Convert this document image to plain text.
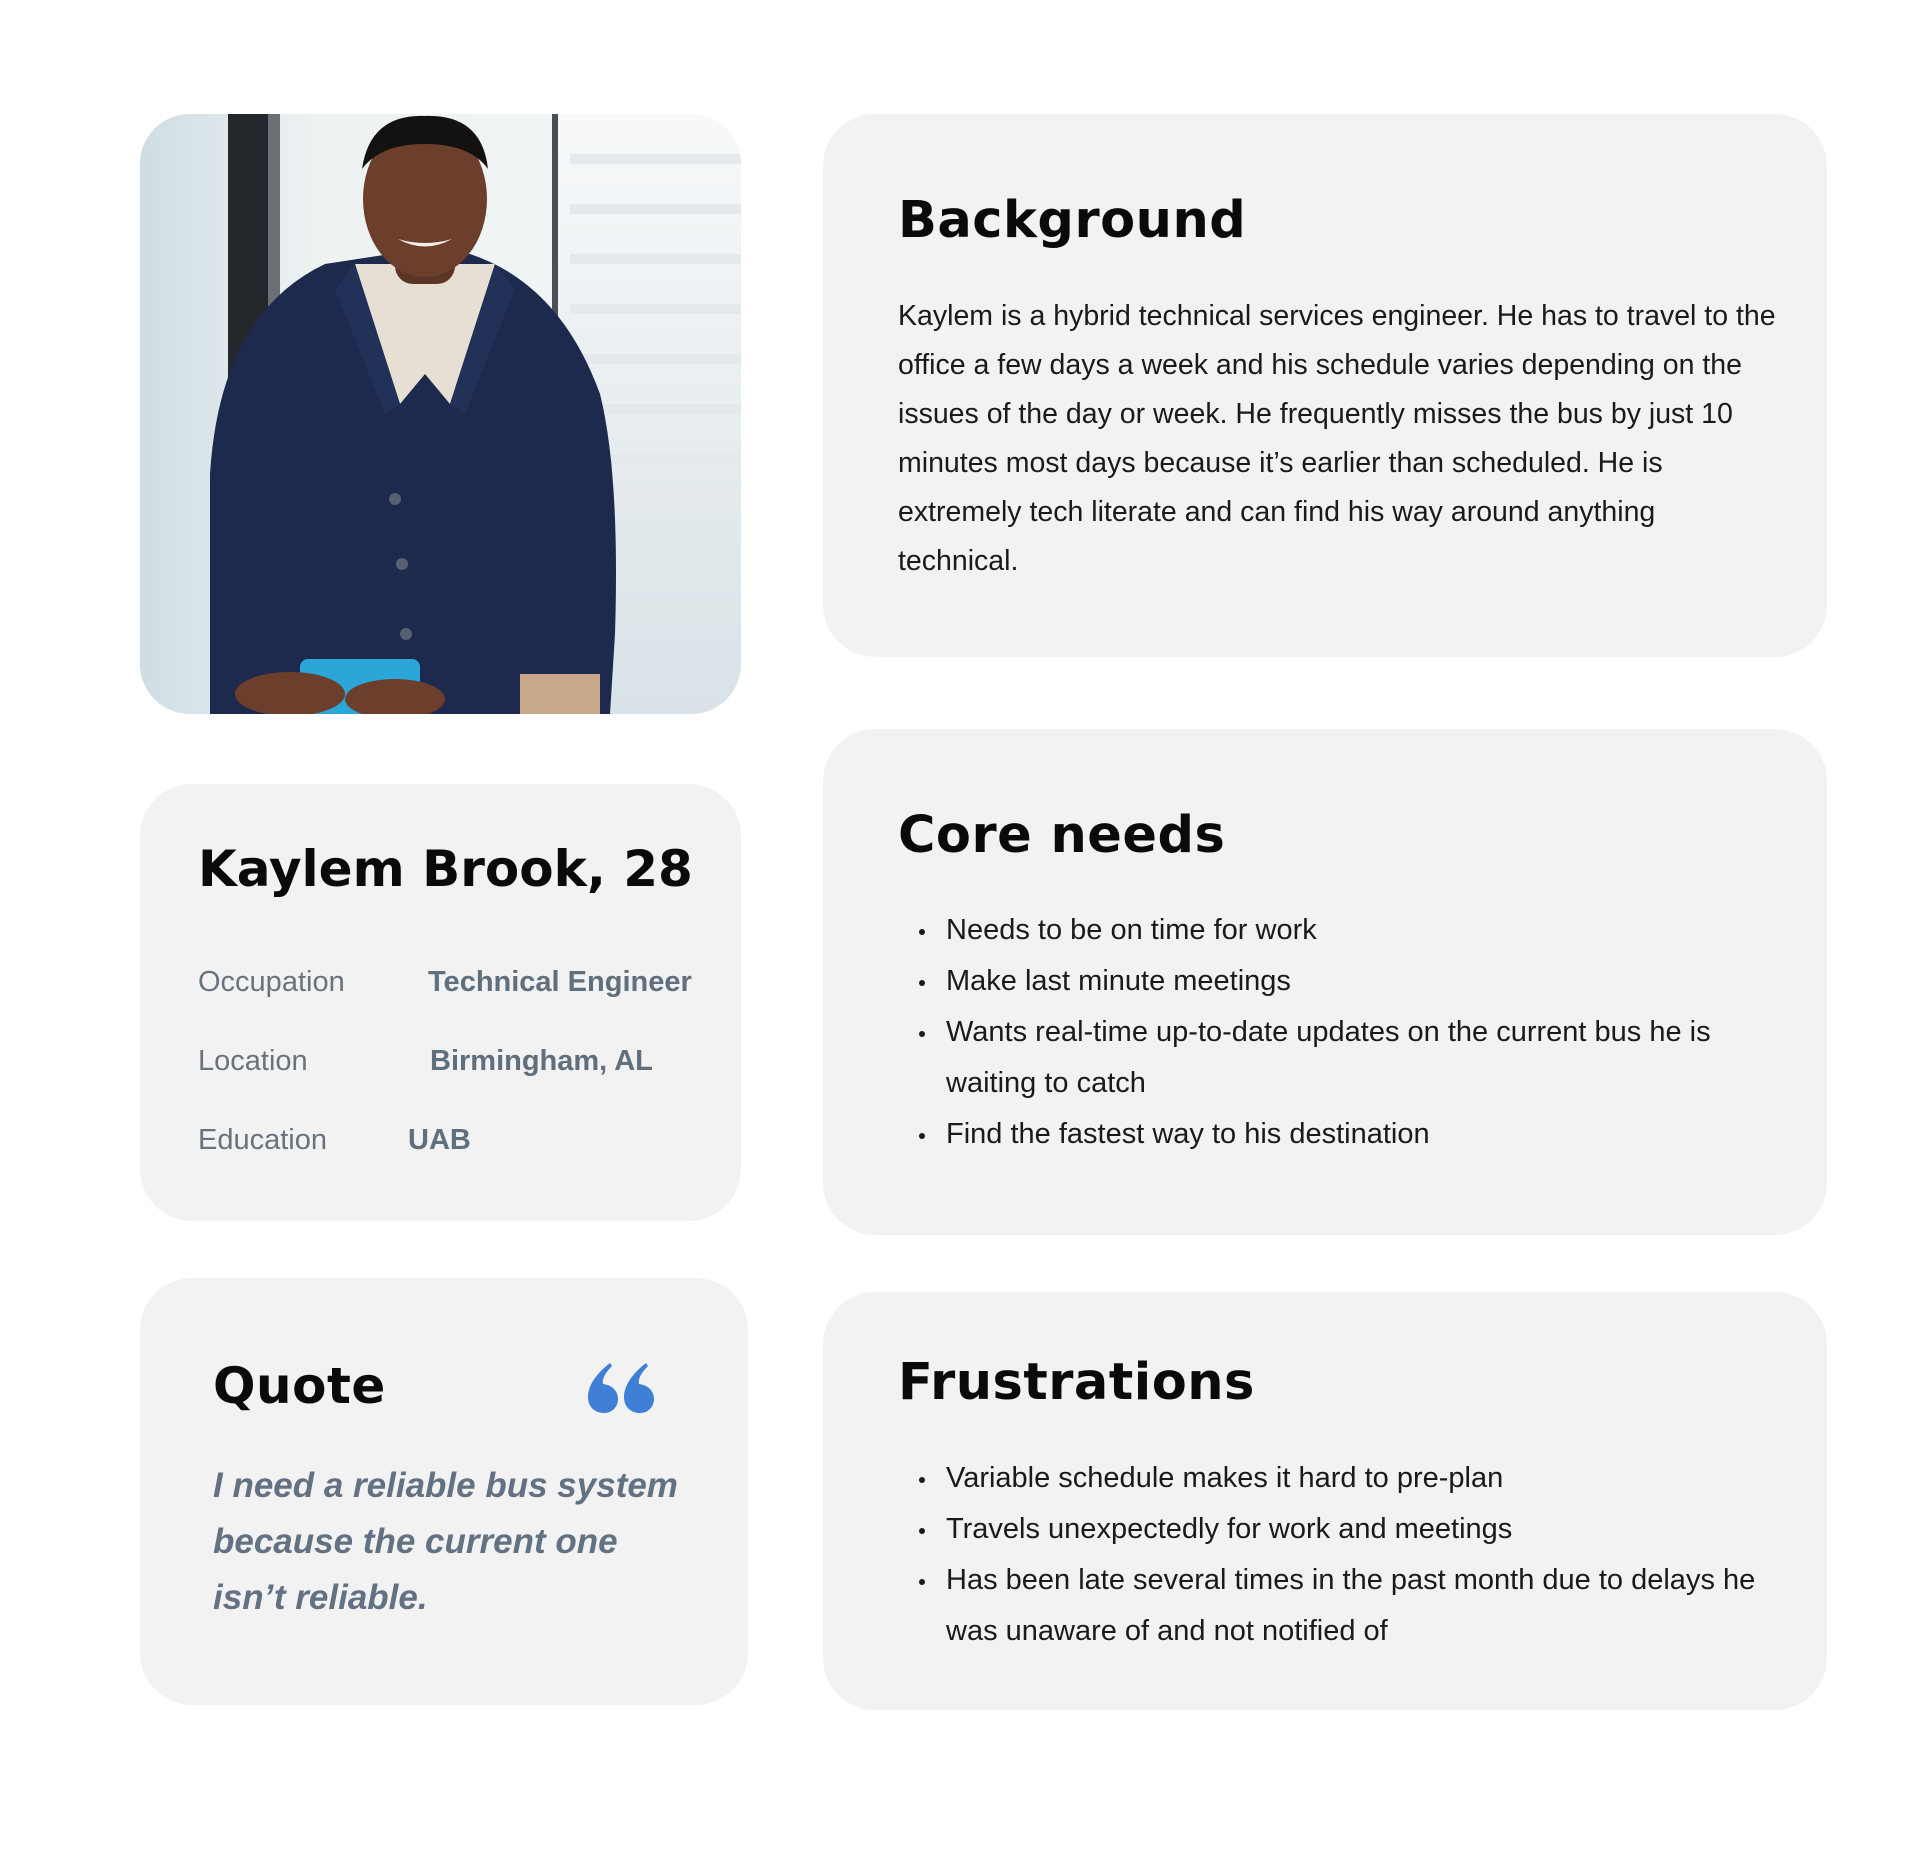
Background

Kaylem is a hybrid technical services engineer. He has to travel to the office a few days a week and his schedule varies depending on the issues of the day or week. He frequently misses the bus by just 10 minutes most days because it’s earlier than scheduled. He is extremely tech literate and can find his way around anything technical.

Kaylem Brook, 28
Occupation	Technical Engineer
Location	Birmingham, AL
Education	UAB
Core needs
Needs to be on time for work
Make last minute meetings
Wants real-time up-to-date updates on the current bus he is waiting to catch
Find the fastest way to his destination
Quote

I need a reliable bus system because the current one isn’t reliable.

Frustrations
Variable schedule makes it hard to pre-plan
Travels unexpectedly for work and meetings
Has been late several times in the past month due to delays he was unaware of and not notified of
